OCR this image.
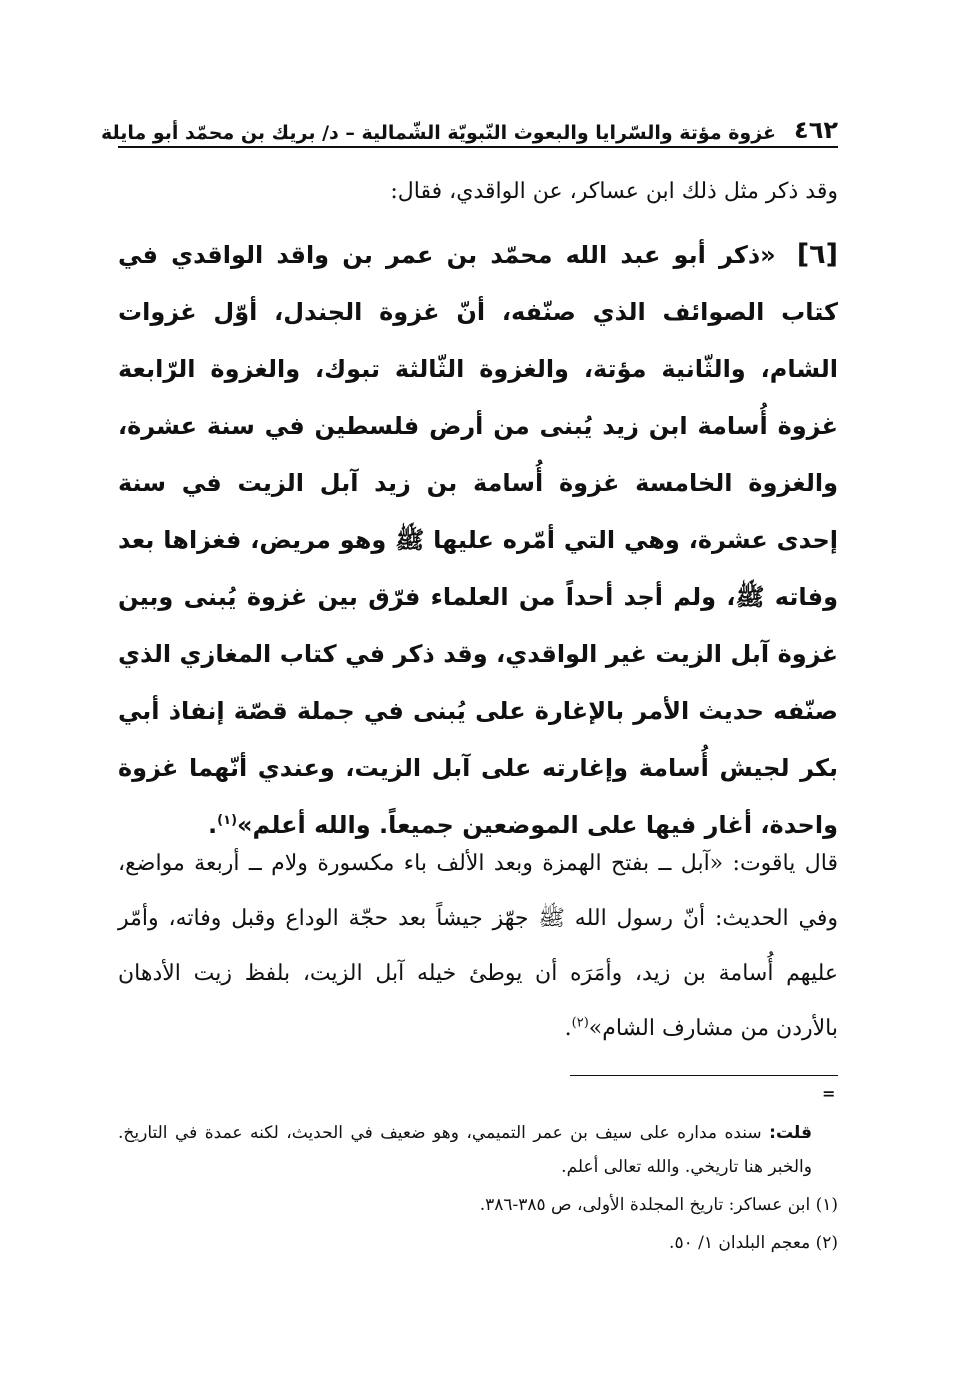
٤٦٢
غزوة مؤتة والسّرايا والبعوث النّبويّة الشّمالية – د/ بريك بن محمّد أبو مايلة
وقد ذكر مثل ذلك ابن عساكر، عن الواقدي، فقال:
[٦] «ذكر أبو عبد الله محمّد بن عمر بن واقد الواقدي في كتاب الصوائف الذي صنّفه، أنّ غزوة الجندل، أوّل غزوات الشام، والثّانية مؤتة، والغزوة الثّالثة تبوك، والغزوة الرّابعة غزوة أُسامة ابن زيد يُبنى من أرض فلسطين في سنة عشرة، والغزوة الخامسة غزوة أُسامة بن زيد آبل الزيت في سنة إحدى عشرة، وهي التي أمّره عليها ﷺ وهو مريض، فغزاها بعد وفاته ﷺ، ولم أجد أحداً من العلماء فرّق بين غزوة يُبنى وبين غزوة آبل الزيت غير الواقدي، وقد ذكر في كتاب المغازي الذي صنّفه حديث الأمر بالإغارة على يُبنى في جملة قصّة إنفاذ أبي بكر لجيش أُسامة وإغارته على آبل الزيت، وعندي أنّهما غزوة واحدة، أغار فيها على الموضعين جميعاً. والله أعلم»$^{(١)}$.
قال ياقوت: «آبل ــ بفتح الهمزة وبعد الألف باء مكسورة ولام ــ أربعة مواضع، وفي الحديث: أنّ رسول الله ﷺ جهّز جيشاً بعد حجّة الوداع وقبل وفاته، وأمّر عليهم أُسامة بن زيد، وأمَرَه أن يوطئ خيله آبل الزيت، بلفظ زيت الأدهان بالأردن من مشارف الشام»$^{(٢)}$.
=
قلت: سنده مداره على سيف بن عمر التميمي، وهو ضعيف في الحديث، لكنه عمدة في التاريخ. والخبر هنا تاريخي. والله تعالى أعلم.
(١) ابن عساكر: تاريخ المجلدة الأولى، ص ٣٨٥-٣٨٦.
(٢) معجم البلدان ١/ ٥٠.
